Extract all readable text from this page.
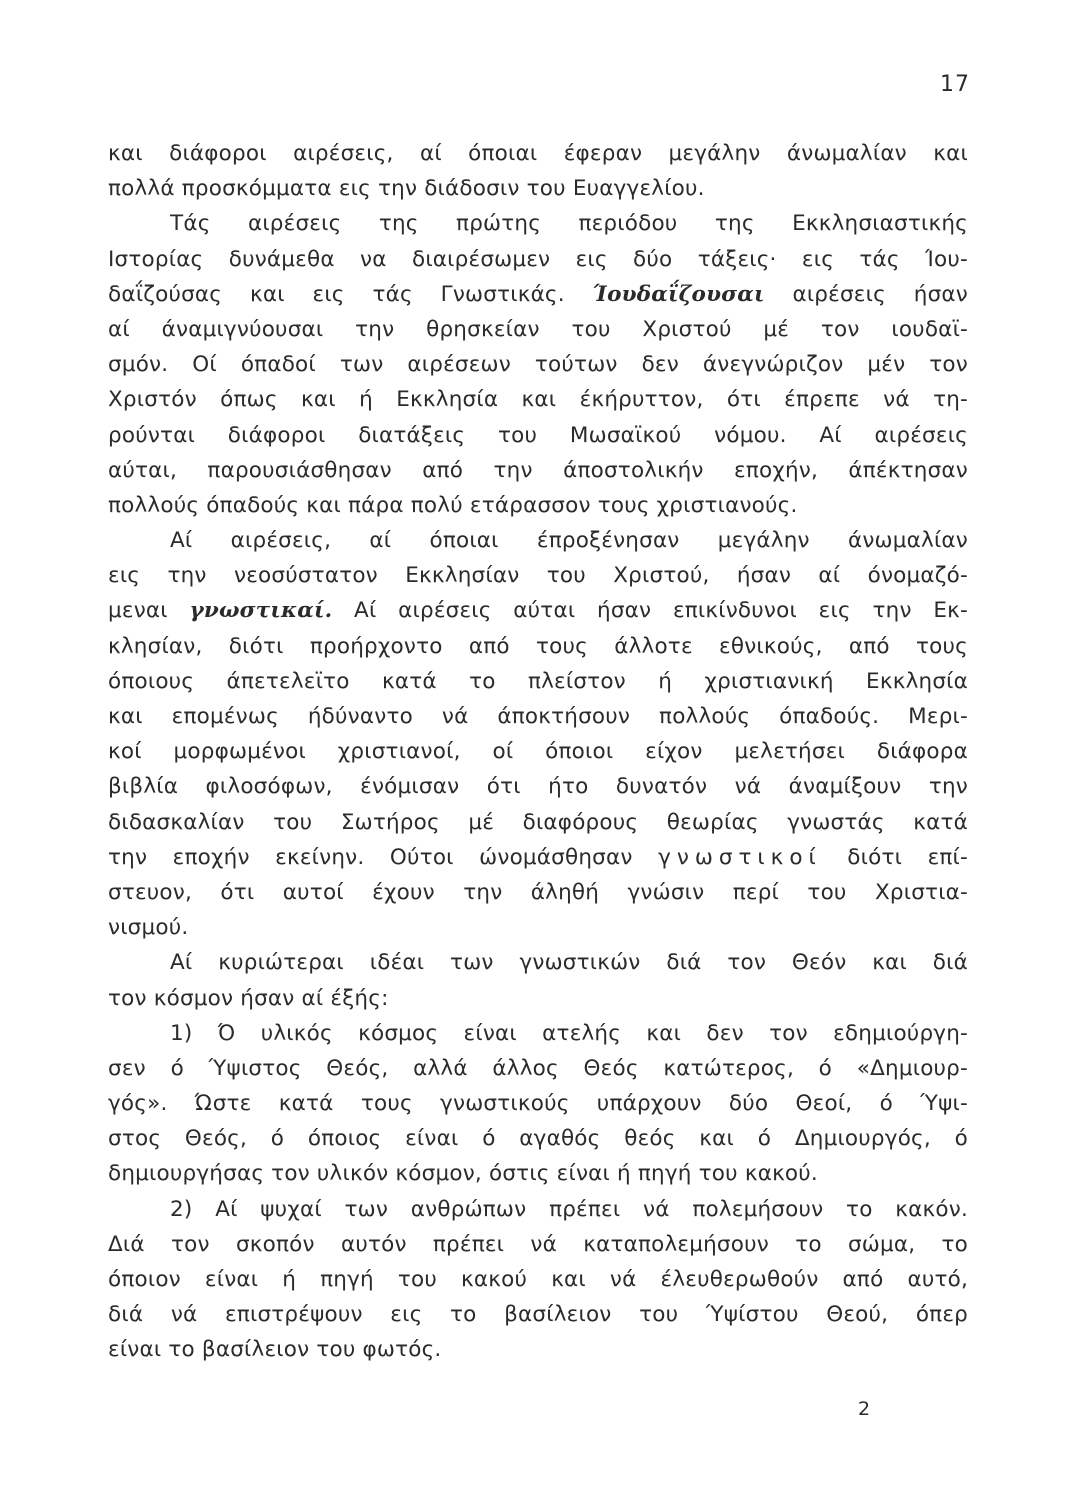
17
και διάφοροι αιρέσεις, αί όποιαι έφεραν μεγάλην άνωμαλίαν και
πολλά προσκόμματα εις την διάδοσιν του Ευαγγελίου.
Τάς αιρέσεις της πρώτης περιόδου της Εκκλησιαστικής
Ιστορίας δυνάμεθα να διαιρέσωμεν εις δύο τάξεις· εις τάς Ίου-
δαΐζούσας και εις τάς Γνωστικάς. Ίουδαΐζουσαι αιρέσεις ήσαν
αί άναμιγνύουσαι την θρησκείαν του Χριστού μέ τον ιουδαϊ-
σμόν. Οί όπαδοί των αιρέσεων τούτων δεν άνεγνώριζον μέν τον
Χριστόν όπως και ή Εκκλησία και έκήρυττον, ότι έπρεπε νά τη-
ρούνται διάφοροι διατάξεις του Μωσαϊκού νόμου. Αί αιρέσεις
αύται, παρουσιάσθησαν από την άποστολικήν εποχήν, άπέκτησαν
πολλούς όπαδούς και πάρα πολύ ετάρασσον τους χριστιανούς.
Αί αιρέσεις, αί όποιαι έπροξένησαν μεγάλην άνωμαλίαν
εις την νεοσύστατον Εκκλησίαν του Χριστού, ήσαν αί όνομαζό-
μεναι γνωστικαί. Αί αιρέσεις αύται ήσαν επικίνδυνοι εις την Εκ-
κλησίαν, διότι προήρχοντο από τους άλλοτε εθνικούς, από τους
όποιους άπετελεϊτο κατά το πλείστον ή χριστιανική Εκκλησία
και επομένως ήδύναντο νά άποκτήσουν πολλούς όπαδούς. Μερι-
κοί μορφωμένοι χριστιανοί, οί όποιοι είχον μελετήσει διάφορα
βιβλία φιλοσόφων, ένόμισαν ότι ήτο δυνατόν νά άναμίξουν την
διδασκαλίαν του Σωτήρος μέ διαφόρους θεωρίας γνωστάς κατά
την εποχήν εκείνην. Ούτοι ώνομάσθησαν γνωστικοί διότι επί-
στευον, ότι αυτοί έχουν την άληθή γνώσιν περί του Χριστια-
νισμού.
Αί κυριώτεραι ιδέαι των γνωστικών διά τον Θεόν και διά
τον κόσμον ήσαν αί έξής:
1) Ό υλικός κόσμος είναι ατελής και δεν τον εδημιούργη-
σεν ό Ύψιστος Θεός, αλλά άλλος Θεός κατώτερος, ό «Δημιουρ-
γός». Ώστε κατά τους γνωστικούς υπάρχουν δύο Θεοί, ό Ύψι-
στος Θεός, ό όποιος είναι ό αγαθός θεός και ό Δημιουργός, ό
δημιουργήσας τον υλικόν κόσμον, όστις είναι ή πηγή του κακού.
2) Αί ψυχαί των ανθρώπων πρέπει νά πολεμήσουν το κακόν.
Διά τον σκοπόν αυτόν πρέπει νά καταπολεμήσουν το σώμα, το
όποιον είναι ή πηγή του κακού και νά έλευθερωθούν από αυτό,
διά νά επιστρέψουν εις το βασίλειον του Ύψίστου Θεού, όπερ
είναι το βασίλειον του φωτός.
2
